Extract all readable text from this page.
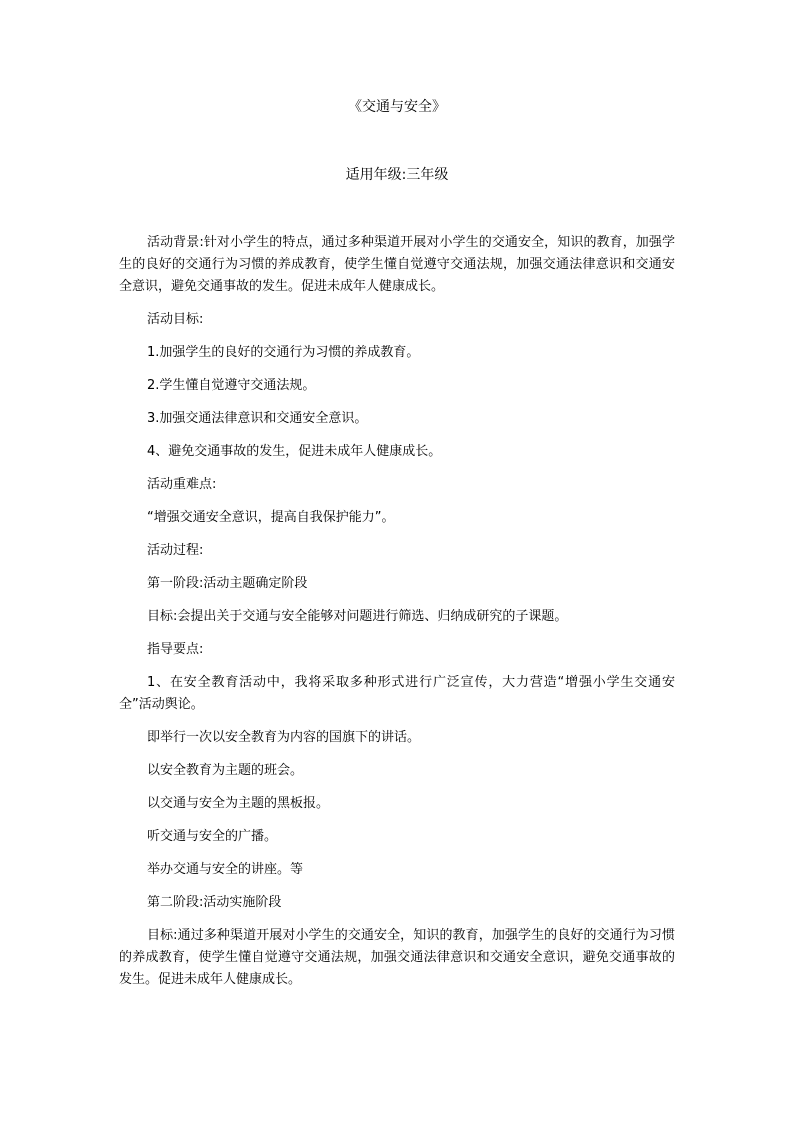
《交通与安全》
适用年级:三年级

活动背景:针对小学生的特点，通过多种渠道开展对小学生的交通安全，知识的教育，加强学生的良好的交通行为习惯的养成教育，使学生懂自觉遵守交通法规，加强交通法律意识和交通安全意识，避免交通事故的发生。促进未成年人健康成长。

活动目标:

1.加强学生的良好的交通行为习惯的养成教育。

2.学生懂自觉遵守交通法规。

3.加强交通法律意识和交通安全意识。

4、避免交通事故的发生，促进未成年人健康成长。

活动重难点:

“增强交通安全意识，提高自我保护能力”。

活动过程:

第一阶段:活动主题确定阶段

目标:会提出关于交通与安全能够对问题进行筛选、归纳成研究的子课题。

指导要点:

1、在安全教育活动中，我将采取多种形式进行广泛宣传，大力营造“增强小学生交通安全”活动舆论。

即举行一次以安全教育为内容的国旗下的讲话。

以安全教育为主题的班会。

以交通与安全为主题的黑板报。

听交通与安全的广播。

举办交通与安全的讲座。等

第二阶段:活动实施阶段

目标:通过多种渠道开展对小学生的交通安全，知识的教育，加强学生的良好的交通行为习惯的养成教育，使学生懂自觉遵守交通法规，加强交通法律意识和交通安全意识，避免交通事故的发生。促进未成年人健康成长。
